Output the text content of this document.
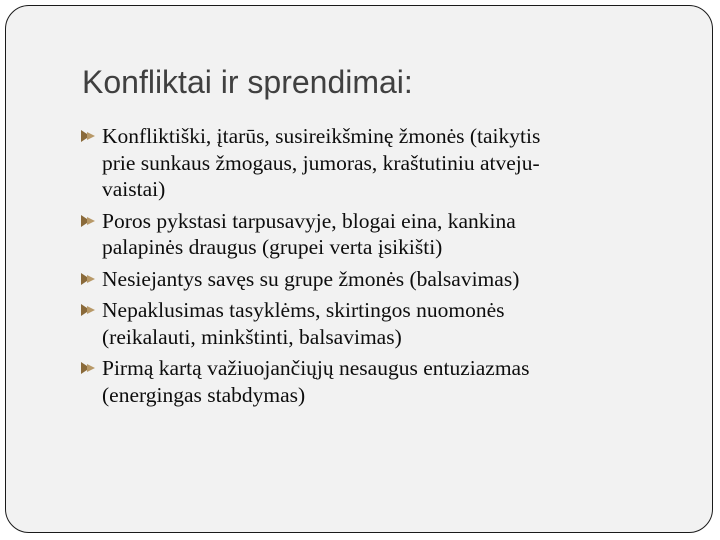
Konfliktai ir sprendimai:
Konfliktiški, įtarūs, susireikšminę žmonės (taikytis
prie sunkaus žmogaus, jumoras, kraštutiniu atveju-
vaistai)
Poros pykstasi tarpusavyje, blogai eina, kankina
palapinės draugus (grupei verta įsikišti)
Nesiejantys savęs su grupe žmonės (balsavimas)
Nepaklusimas tasyklėms, skirtingos nuomonės
(reikalauti, minkštinti, balsavimas)
Pirmą kartą važiuojančiųjų nesaugus entuziazmas
(energingas stabdymas)
